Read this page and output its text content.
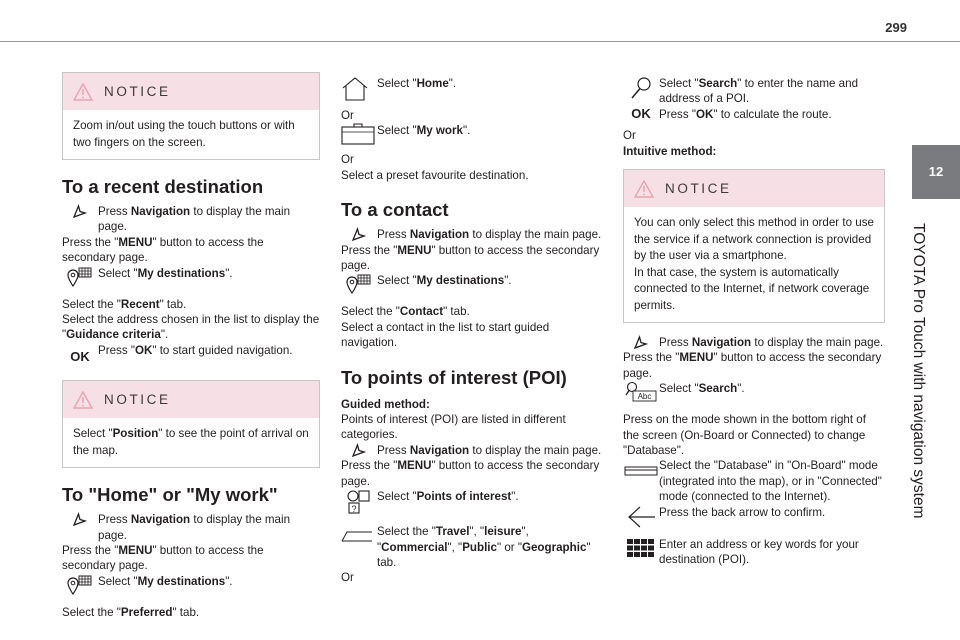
299
12
TOYOTA Pro Touch with navigation system
NOTICE
Zoom in/out using the touch buttons or with two fingers on the screen.
To a recent destination
Press Navigation to display the main page.

Press the "MENU" button to access the secondary page.

Select "My destinations".

Select the "Recent" tab.

Select the address chosen in the list to display the "Guidance criteria".

OK Press "OK" to start guided navigation.
NOTICE
Select "Position" to see the point of arrival on the map.
To "Home" or "My work"
Press Navigation to display the main page.

Press the "MENU" button to access the secondary page.

Select "My destinations".

Select the "Preferred" tab.

Select "Home".

Or

Select "My work".

Or

Select a preset favourite destination.

To a contact
Press Navigation to display the main page.

Press the "MENU" button to access the secondary page.

Select "My destinations".

Select the "Contact" tab.

Select a contact in the list to start guided navigation.

To points of interest (POI)

Guided method:

Points of interest (POI) are listed in different categories.

Press Navigation to display the main page.

Press the "MENU" button to access the secondary page.

?
Select "Points of interest".
Select the "Travel", "leisure", "Commercial", "Public" or "Geographic" tab.

Or

OK
Select "Search" to enter the name and address of a POI.
Press "OK" to calculate the route.

Or

Intuitive method:

NOTICE
You can only select this method in order to use the service if a network connection is provided by the user via a smartphone.
In that case, the system is automatically connected to the Internet, if network coverage permits.
Press Navigation to display the main page.

Press the "MENU" button to access the secondary page.

Abc
Select "Search".

Press on the mode shown in the bottom right of the screen (On-Board or Connected) to change "Database".

Select the "Database" in "On-Board" mode (integrated into the map), or in "Connected" mode (connected to the Internet).
Press the back arrow to confirm.
Enter an address or key words for your destination (POI).
